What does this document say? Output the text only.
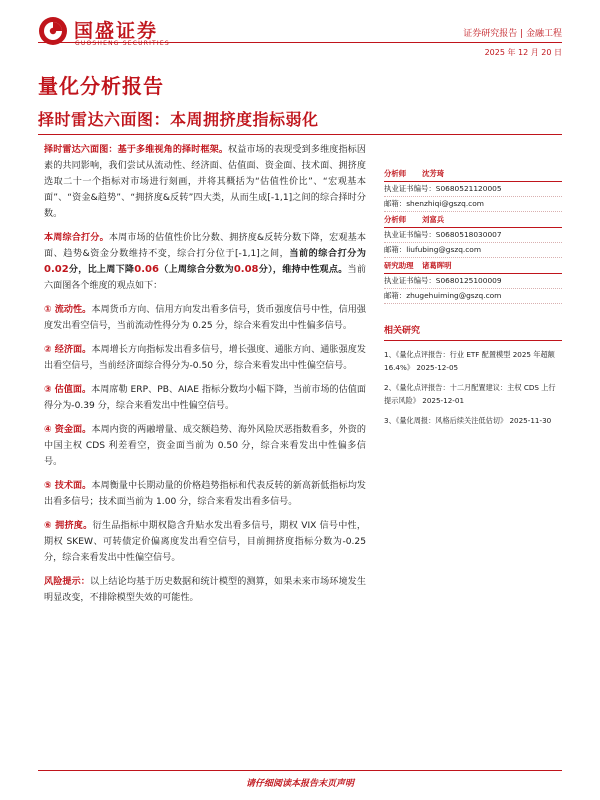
国盛证券
GUOSHENG SECURITIES
证券研究报告 | 金融工程
2025 年 12 月 20 日
量化分析报告
择时雷达六面图：本周拥挤度指标弱化

择时雷达六面图：基于多维视角的择时框架。权益市场的表现受到多维度指标因素的共同影响，我们尝试从流动性、经济面、估值面、资金面、技术面、拥挤度选取二十一个指标对市场进行刻画，并将其概括为“估值性价比”、“宏观基本面”、“资金&趋势”、“拥挤度&反转”四大类，从而生成[-1,1]之间的综合择时分数。

本周综合打分。本周市场的估值性价比分数、拥挤度&反转分数下降，宏观基本面、趋势&资金分数维持不变，综合打分位于[-1,1]之间，当前的综合打分为0.02分，比上周下降0.06（上周综合分数为0.08分），维持中性观点。当前六面图各个维度的观点如下：

① 流动性。本周货币方向、信用方向发出看多信号，货币强度信号中性，信用强度发出看空信号，当前流动性得分为 0.25 分，综合来看发出中性偏多信号。

② 经济面。本周增长方向指标发出看多信号，增长强度、通胀方向、通胀强度发出看空信号，当前经济面综合得分为-0.50 分，综合来看发出中性偏空信号。

③ 估值面。本周席勒 ERP、PB、AIAE 指标分数均小幅下降，当前市场的估值面得分为-0.39 分，综合来看发出中性偏空信号。

④ 资金面。本周内资的两融增量、成交额趋势、海外风险厌恶指数看多，外资的中国主权 CDS 利差看空，资金面当前为 0.50 分，综合来看发出中性偏多信号。

⑤ 技术面。本周衡量中长期动量的价格趋势指标和代表反转的新高新低指标均发出看多信号；技术面当前为 1.00 分，综合来看发出看多信号。

⑥ 拥挤度。衍生品指标中期权隐含升贴水发出看多信号，期权 VIX 信号中性，期权 SKEW、可转债定价偏离度发出看空信号，目前拥挤度指标分数为-0.25 分，综合来看发出中性偏空信号。

风险提示：以上结论均基于历史数据和统计模型的测算，如果未来市场环境发生明显改变，不排除模型失效的可能性。

分析师	沈芳琦
执业证书编号：S0680521120005
邮箱：shenzhiqi@gszq.com
分析师	刘富兵
执业证书编号：S0680518030007
邮箱：liufubing@gszq.com
研究助理	诸葛晖明
执业证书编号：S0680125100009
邮箱：zhugehuiming@gszq.com
相关研究
1、《量化点评报告：行业 ETF 配置模型 2025 年超额 16.4%》 2025-12-05
2、《量化点评报告：十二月配置建议：主权 CDS 上行提示风险》 2025-12-01
3、《量化周报：风格后续关注低估切》 2025-11-30
请仔细阅读本报告末页声明
